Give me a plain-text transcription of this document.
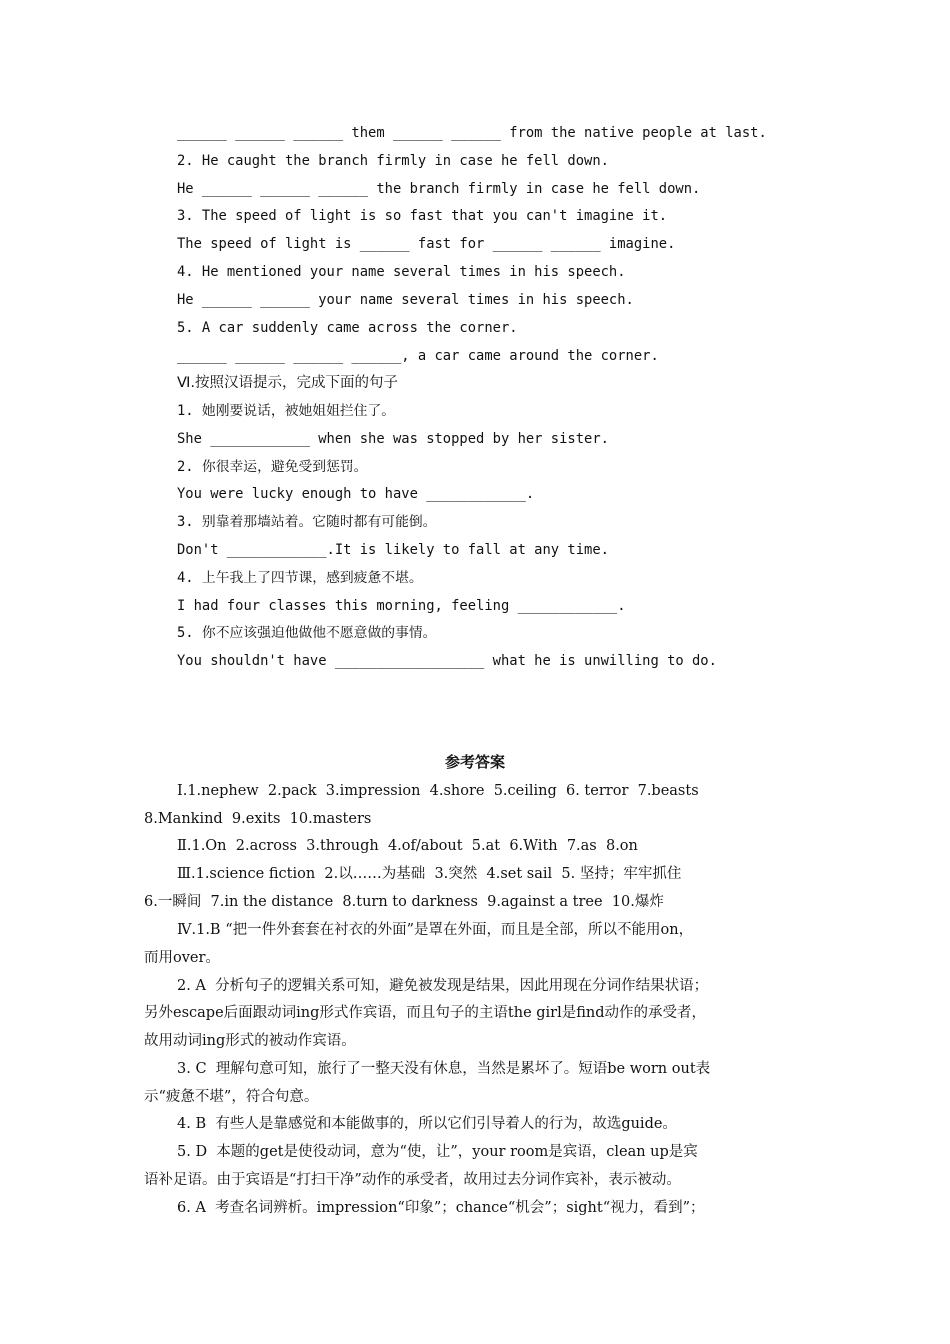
______ ______ ______ them ______ ______ from the native people at last.
2. He caught the branch firmly in case he fell down.
He ______ ______ ______ the branch firmly in case he fell down.
3. The speed of light is so fast that you can't imagine it.
The speed of light is ______ fast for ______ ______ imagine.
4. He mentioned your name several times in his speech.
He ______ ______ your name several times in his speech.
5. A car suddenly came across the corner.
______ ______ ______ ______, a car came around the corner.
Ⅵ.按照汉语提示，完成下面的句子
1. 她刚要说话，被她姐姐拦住了。
She ____________ when she was stopped by her sister.
2. 你很幸运，避免受到惩罚。
You were lucky enough to have ____________.
3. 别靠着那墙站着。它随时都有可能倒。
Don't ____________.It is likely to fall at any time.
4. 上午我上了四节课，感到疲惫不堪。
I had four classes this morning, feeling ____________.
5. 你不应该强迫他做他不愿意做的事情。
You shouldn't have __________________ what he is unwilling to do.
参考答案
Ⅰ.1.nephew  2.pack  3.impression  4.shore  5.ceiling  6. terror  7.beasts
8.Mankind  9.exits  10.masters
Ⅱ.1.On  2.across  3.through  4.of/about  5.at  6.With  7.as  8.on
Ⅲ.1.science fiction  2.以……为基础  3.突然  4.set sail  5. 坚持；牢牢抓住
6.一瞬间  7.in the distance  8.turn to darkness  9.against a tree  10.爆炸
Ⅳ.1.B “把一件外套套在衬衣的外面”是罩在外面，而且是全部，所以不能用on，
而用over。
2. A  分析句子的逻辑关系可知，避免被发现是结果，因此用现在分词作结果状语；
另外escape后面跟动词ing形式作宾语，而且句子的主语the girl是find动作的承受者，
故用动词ing形式的被动作宾语。
3. C  理解句意可知，旅行了一整天没有休息，当然是累坏了。短语be worn out表
示“疲惫不堪”，符合句意。
4. B  有些人是靠感觉和本能做事的，所以它们引导着人的行为，故选guide。
5. D  本题的get是使役动词，意为“使，让”，your room是宾语，clean up是宾
语补足语。由于宾语是“打扫干净”动作的承受者，故用过去分词作宾补，表示被动。
6. A  考查名词辨析。impression“印象”；chance“机会”；sight“视力，看到”；
